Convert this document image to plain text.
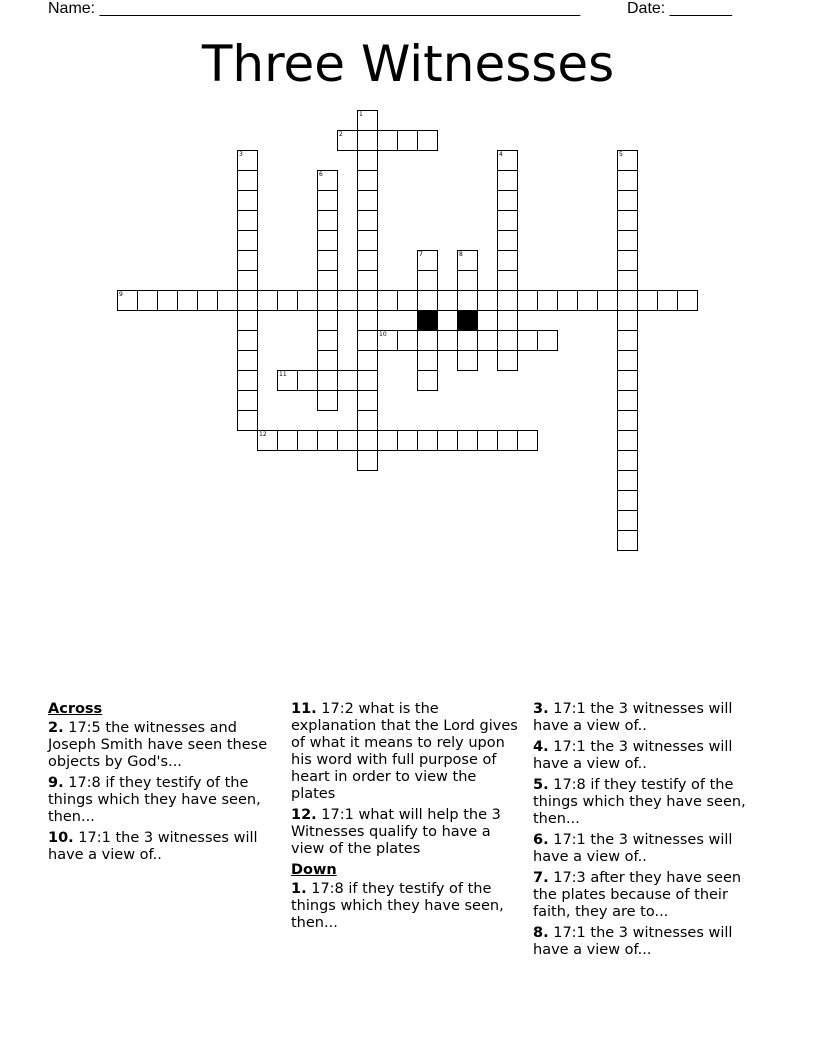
Name: ______________________________________________________	Date: _______
Three Witnesses
1
2
3	4	5
6
7	8
9
10
11
12
Across
2. 17:5 the witnesses and Joseph Smith have seen these objects by God's...
9. 17:8 if they testify of the things which they have seen, then...
10. 17:1 the 3 witnesses will have a view of..
11. 17:2 what is the explanation that the Lord gives of what it means to rely upon his word with full purpose of heart in order to view the plates
12. 17:1 what will help the 3 Witnesses qualify to have a view of the plates
Down
1. 17:8 if they testify of the things which they have seen, then...
3. 17:1 the 3 witnesses will have a view of..
4. 17:1 the 3 witnesses will have a view of..
5. 17:8 if they testify of the things which they have seen, then...
6. 17:1 the 3 witnesses will have a view of..
7. 17:3 after they have seen the plates because of their faith, they are to...
8. 17:1 the 3 witnesses will have a view of...
